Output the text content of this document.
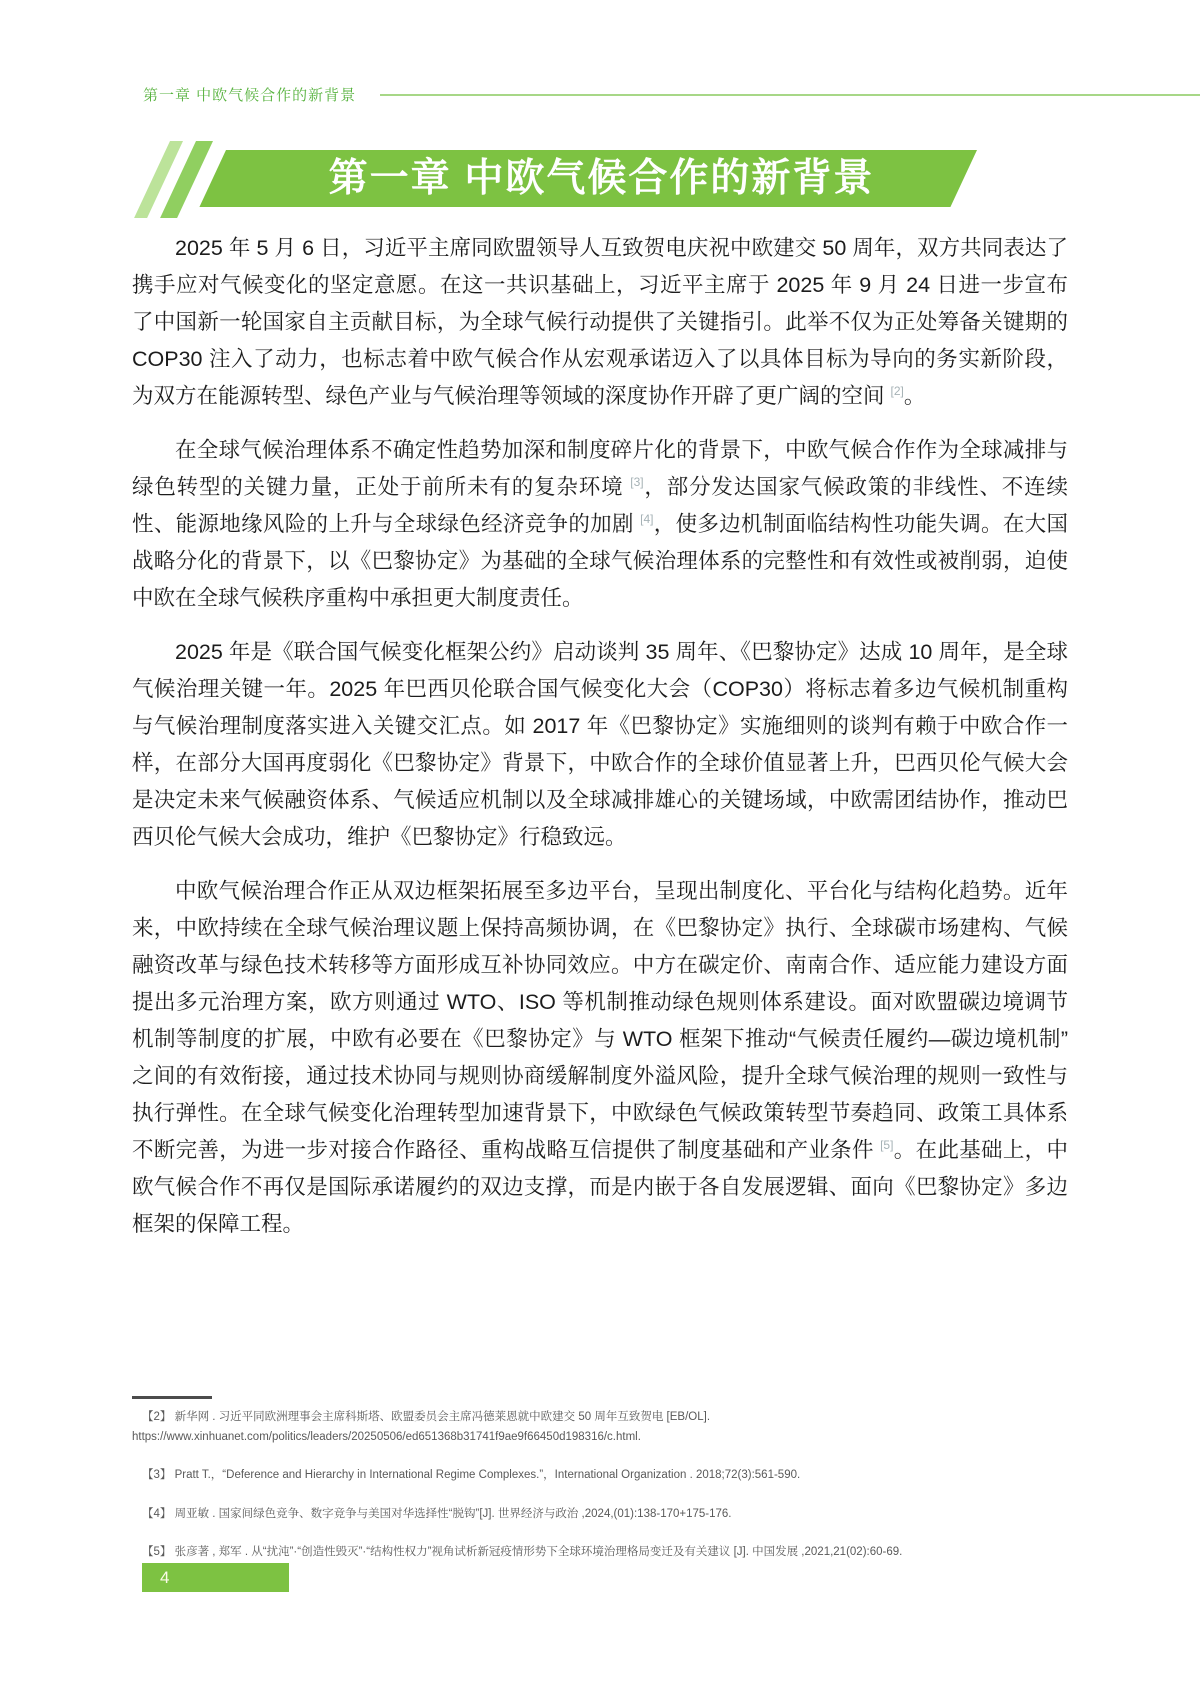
第一章 中欧气候合作的新背景
第一章 中欧气候合作的新背景

2025 年 5 月 6 日，习近平主席同欧盟领导人互致贺电庆祝中欧建交 50 周年，双方共同表达了携手应对气候变化的坚定意愿。在这一共识基础上，习近平主席于 2025 年 9 月 24 日进一步宣布了中国新一轮国家自主贡献目标，为全球气候行动提供了关键指引。此举不仅为正处筹备关键期的 COP30 注入了动力，也标志着中欧气候合作从宏观承诺迈入了以具体目标为导向的务实新阶段，为双方在能源转型、绿色产业与气候治理等领域的深度协作开辟了更广阔的空间 [2]。

在全球气候治理体系不确定性趋势加深和制度碎片化的背景下，中欧气候合作作为全球减排与绿色转型的关键力量，正处于前所未有的复杂环境 [3]，部分发达国家气候政策的非线性、不连续性、能源地缘风险的上升与全球绿色经济竞争的加剧 [4]，使多边机制面临结构性功能失调。在大国战略分化的背景下，以《巴黎协定》为基础的全球气候治理体系的完整性和有效性或被削弱，迫使中欧在全球气候秩序重构中承担更大制度责任。

2025 年是《联合国气候变化框架公约》启动谈判 35 周年、《巴黎协定》达成 10 周年，是全球气候治理关键一年。2025 年巴西贝伦联合国气候变化大会（COP30）将标志着多边气候机制重构与气候治理制度落实进入关键交汇点。如 2017 年《巴黎协定》实施细则的谈判有赖于中欧合作一样，在部分大国再度弱化《巴黎协定》背景下，中欧合作的全球价值显著上升，巴西贝伦气候大会是决定未来气候融资体系、气候适应机制以及全球减排雄心的关键场域，中欧需团结协作，推动巴西贝伦气候大会成功，维护《巴黎协定》行稳致远。

中欧气候治理合作正从双边框架拓展至多边平台，呈现出制度化、平台化与结构化趋势。近年来，中欧持续在全球气候治理议题上保持高频协调，在《巴黎协定》执行、全球碳市场建构、气候融资改革与绿色技术转移等方面形成互补协同效应。中方在碳定价、南南合作、适应能力建设方面提出多元治理方案，欧方则通过 WTO、ISO 等机制推动绿色规则体系建设。面对欧盟碳边境调节机制等制度的扩展，中欧有必要在《巴黎协定》与 WTO 框架下推动“气候责任履约—碳边境机制”之间的有效衔接，通过技术协同与规则协商缓解制度外溢风险，提升全球气候治理的规则一致性与执行弹性。在全球气候变化治理转型加速背景下，中欧绿色气候政策转型节奏趋同、政策工具体系不断完善，为进一步对接合作路径、重构战略互信提供了制度基础和产业条件 [5]。在此基础上，中欧气候合作不再仅是国际承诺履约的双边支撑，而是内嵌于各自发展逻辑、面向《巴黎协定》多边框架的保障工程。

【2】 新华网 . 习近平同欧洲理事会主席科斯塔、欧盟委员会主席冯德莱恩就中欧建交 50 周年互致贺电 [EB/OL].
https://www.xinhuanet.com/politics/leaders/20250506/ed651368b31741f9ae9f66450d198316/c.html.
【3】 Pratt T.，“Deference and Hierarchy in International Regime Complexes.”，International Organization . 2018;72(3):561-590.
【4】 周亚敏 . 国家间绿色竞争、数字竞争与美国对华选择性“脱钩”[J]. 世界经济与政治 ,2024,(01):138-170+175-176.
【5】 张彦著 , 郑军 . 从“扰沌”·“创造性毁灭”·“结构性权力”视角试析新冠疫情形势下全球环境治理格局变迁及有关建议 [J]. 中国发展 ,2021,21(02):60-69.
4
